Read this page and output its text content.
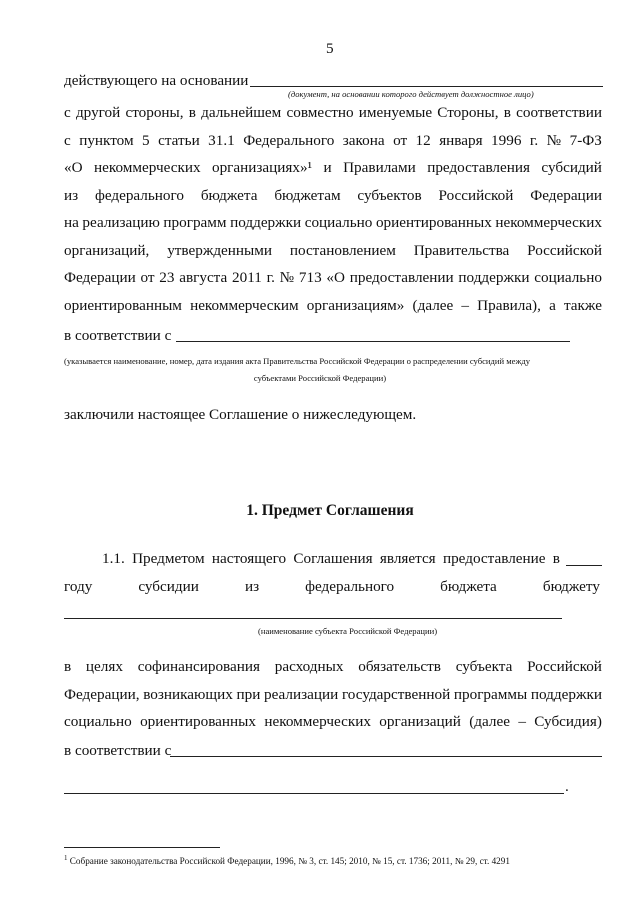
5
действующего на основании
(документ, на основании которого действует должностное лицо)
с другой стороны, в дальнейшем совместно именуемые Стороны, в соответствии
с пунктом 5 статьи 31.1 Федерального закона от 12 января 1996 г. № 7-ФЗ
«О некоммерческих организациях»¹ и Правилами предоставления субсидий
из федерального бюджета бюджетам субъектов Российской Федерации
на реализацию программ поддержки социально ориентированных некоммерческих
организаций, утвержденными постановлением Правительства Российской
Федерации от 23 августа 2011 г. № 713 «О предоставлении поддержки социально
ориентированным некоммерческим организациям» (далее – Правила), а также
в соответствии с
(указывается наименование, номер, дата издания акта Правительства Российской Федерации о распределении субсидий между
субъектами Российской Федерации)
заключили настоящее Соглашение о нижеследующем.
1. Предмет Соглашения
1.1. Предметом настоящего Соглашения является предоставление в
году	субсидии	из	федерального	бюджета	бюджету
(наименование субъекта Российской Федерации)
в целях софинансирования расходных обязательств субъекта Российской
Федерации, возникающих при реализации государственной программы поддержки
социально ориентированных некоммерческих организаций (далее – Субсидия)
в соответствии с
.
$^1$ Собрание законодательства Российской Федерации, 1996, № 3, ст. 145; 2010, № 15, ст. 1736; 2011, № 29, ст. 4291
